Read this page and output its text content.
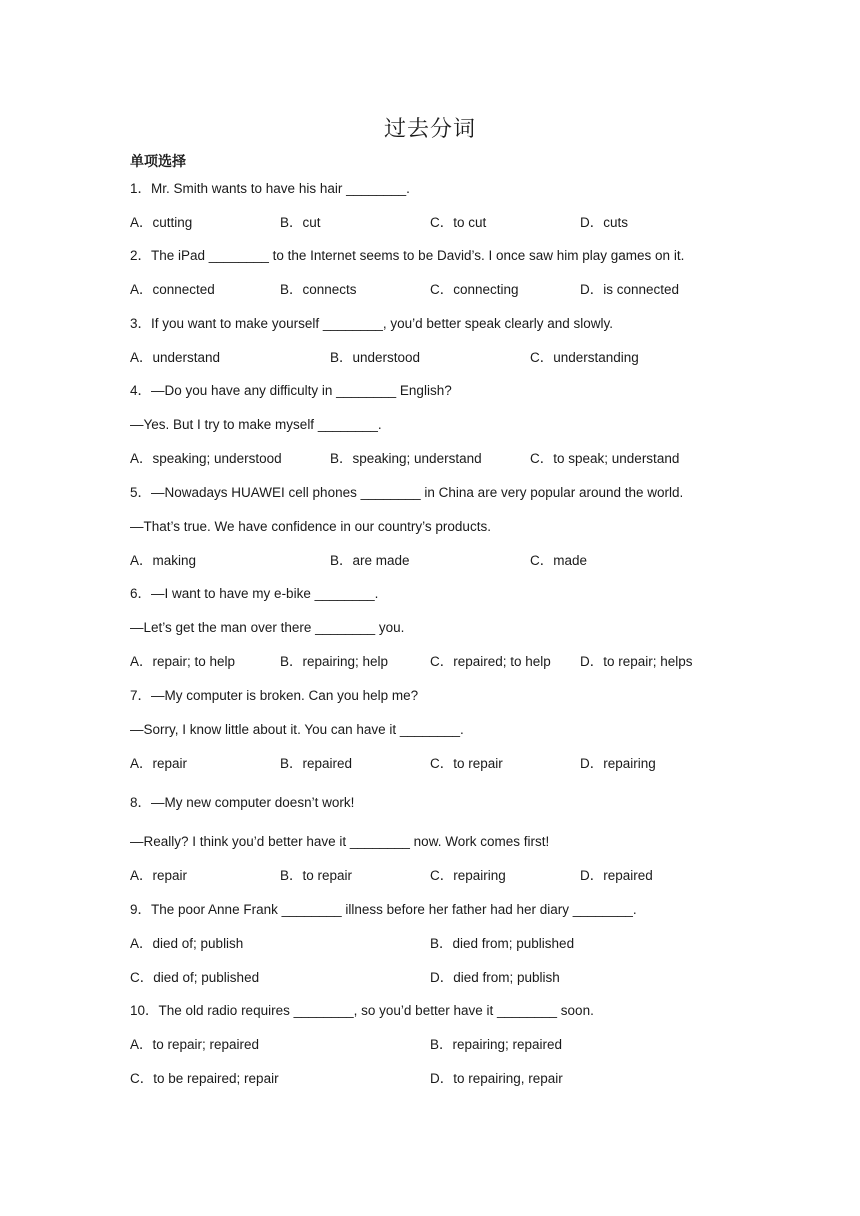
过去分词
单项选择
1．Mr. Smith wants to have his hair ________.
A．cutting	B．cut	C．to cut	D．cuts
2．The iPad ________ to the Internet seems to be David’s. I once saw him play games on it.
A．connected	B．connects	C．connecting	D．is connected
3．If you want to make yourself ________, you’d better speak clearly and slowly.
A．understand	B．understood	C．understanding
4．—Do you have any difficulty in ________ English?
—Yes. But I try to make myself ________.
A．speaking; understood	B．speaking; understand	C．to speak; understand
5．—Nowadays HUAWEI cell phones ________ in China are very popular around the world.
—That’s true. We have confidence in our country’s products.
A．making	B．are made	C．made
6．—I want to have my e-bike ________.
—Let’s get the man over there ________ you.
A．repair; to help	B．repairing; help	C．repaired; to help D．to repair; helps
7．—My computer is broken. Can you help me?
—Sorry, I know little about it. You can have it ________.
A．repair	B．repaired	C．to repair	D．repairing
8．—My new computer doesn’t work!
—Really? I think you’d better have it ________ now. Work comes first!
A．repair	B．to repair	C．repairing	D．repaired
9．The poor Anne Frank ________ illness before her father had her diary ________.
A．died of; publish	B．died from; published
C．died of; published	D．died from; publish
10．The old radio requires ________, so you’d better have it ________ soon.
A．to repair; repaired	B．repairing; repaired
C．to be repaired; repair	D．to repairing, repair
